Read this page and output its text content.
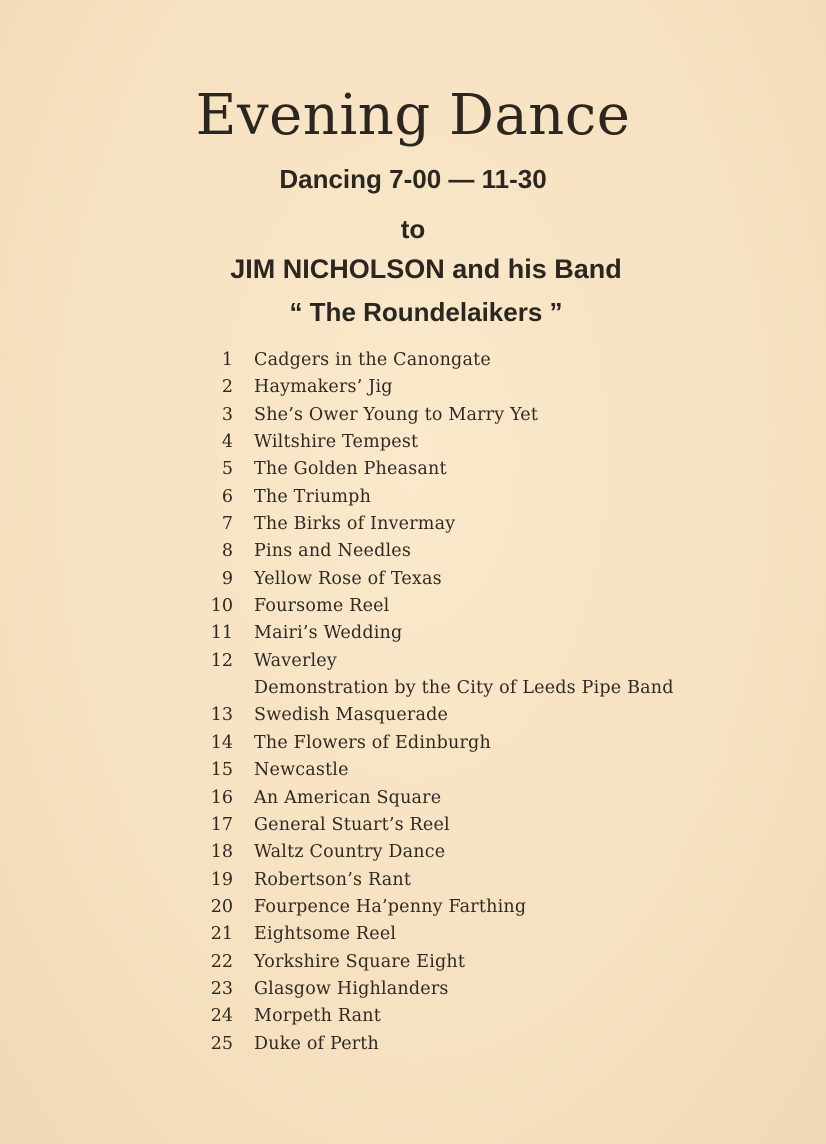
Evening Dance
Dancing 7-00 — 11-30
to
JIM NICHOLSON and his Band
“ The Roundelaikers ”
1 Cadgers in the Canongate
2 Haymakers’ Jig
3 She’s Ower Young to Marry Yet
4 Wiltshire Tempest
5 The Golden Pheasant
6 The Triumph
7 The Birks of Invermay
8 Pins and Needles
9 Yellow Rose of Texas
10 Foursome Reel
11 Mairi’s Wedding
12 Waverley
Demonstration by the City of Leeds Pipe Band
13 Swedish Masquerade
14 The Flowers of Edinburgh
15 Newcastle
16 An American Square
17 General Stuart’s Reel
18 Waltz Country Dance
19 Robertson’s Rant
20 Fourpence Ha’penny Farthing
21 Eightsome Reel
22 Yorkshire Square Eight
23 Glasgow Highlanders
24 Morpeth Rant
25 Duke of Perth
